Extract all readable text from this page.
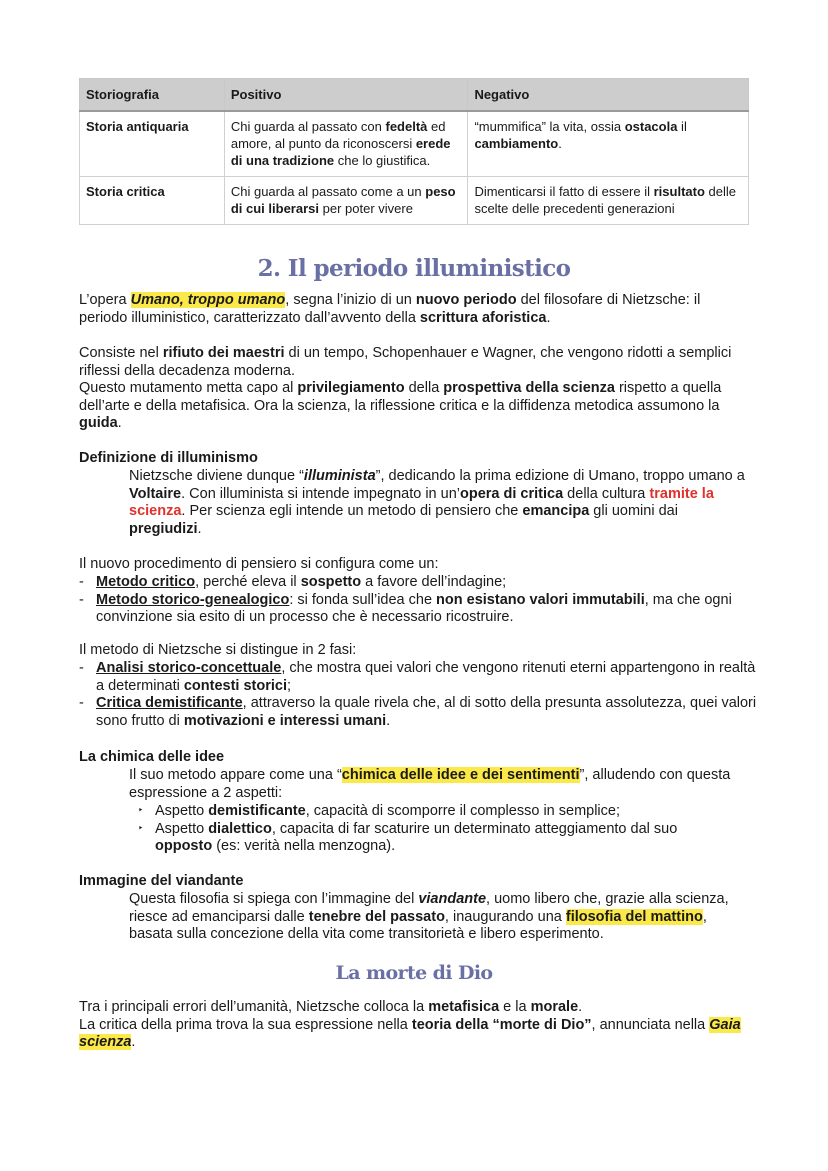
Storiografia	Positivo	Negativo
Storia antiquaria	Chi guarda al passato con fedeltà ed amore, al punto da riconoscersi erede di una tradizione che lo giustifica.	“mummifica” la vita, ossia ostacola il cambiamento.
Storia critica	Chi guarda al passato come a un peso di cui liberarsi per poter vivere	Dimenticarsi il fatto di essere il risultato delle scelte delle precedenti generazioni
2. Il periodo illuministico

L’opera Umano, troppo umano, segna l’inizio di un nuovo periodo del filosofare di Nietzsche: il periodo illuministico, caratterizzato dall’avvento della scrittura aforistica.

Consiste nel rifiuto dei maestri di un tempo, Schopenhauer e Wagner, che vengono ridotti a semplici riflessi della decadenza moderna.
Questo mutamento metta capo al privilegiamento della prospettiva della scienza rispetto a quella dell’arte e della metafisica. Ora la scienza, la riflessione critica e la diffidenza metodica assumono la guida.

Definizione di illuminismo

Nietzsche diviene dunque “illuminista”, dedicando la prima edizione di Umano, troppo umano a Voltaire. Con illuminista si intende impegnato in un’opera di critica della cultura tramite la scienza. Per scienza egli intende un metodo di pensiero che emancipa gli uomini dai pregiudizi.

Il nuovo procedimento di pensiero si configura come un:

- Metodo critico, perché eleva il sospetto a favore dell’indagine;
- Metodo storico-genealogico: si fonda sull’idea che non esistano valori immutabili, ma che ogni convinzione sia esito di un processo che è necessario ricostruire.

Il metodo di Nietzsche si distingue in 2 fasi:

- Analisi storico-concettuale, che mostra quei valori che vengono ritenuti eterni appartengono in realtà a determinati contesti storici;
- Critica demistificante, attraverso la quale rivela che, al di sotto della presunta assolutezza, quei valori sono frutto di motivazioni e interessi umani.

La chimica delle idee

Il suo metodo appare come una “chimica delle idee e dei sentimenti”, alludendo con questa espressione a 2 aspetti:

‣ Aspetto demistificante, capacità di scomporre il complesso in semplice;
‣ Aspetto dialettico, capacita di far scaturire un determinato atteggiamento dal suo opposto (es: verità nella menzogna).

Immagine del viandante

Questa filosofia si spiega con l’immagine del viandante, uomo libero che, grazie alla scienza, riesce ad emanciparsi dalle tenebre del passato, inaugurando una filosofia del mattino, basata sulla concezione della vita come transitorietà e libero esperimento.

La morte di Dio

Tra i principali errori dell’umanità, Nietzsche colloca la metafisica e la morale.
La critica della prima trova la sua espressione nella teoria della “morte di Dio”, annunciata nella Gaia scienza.
